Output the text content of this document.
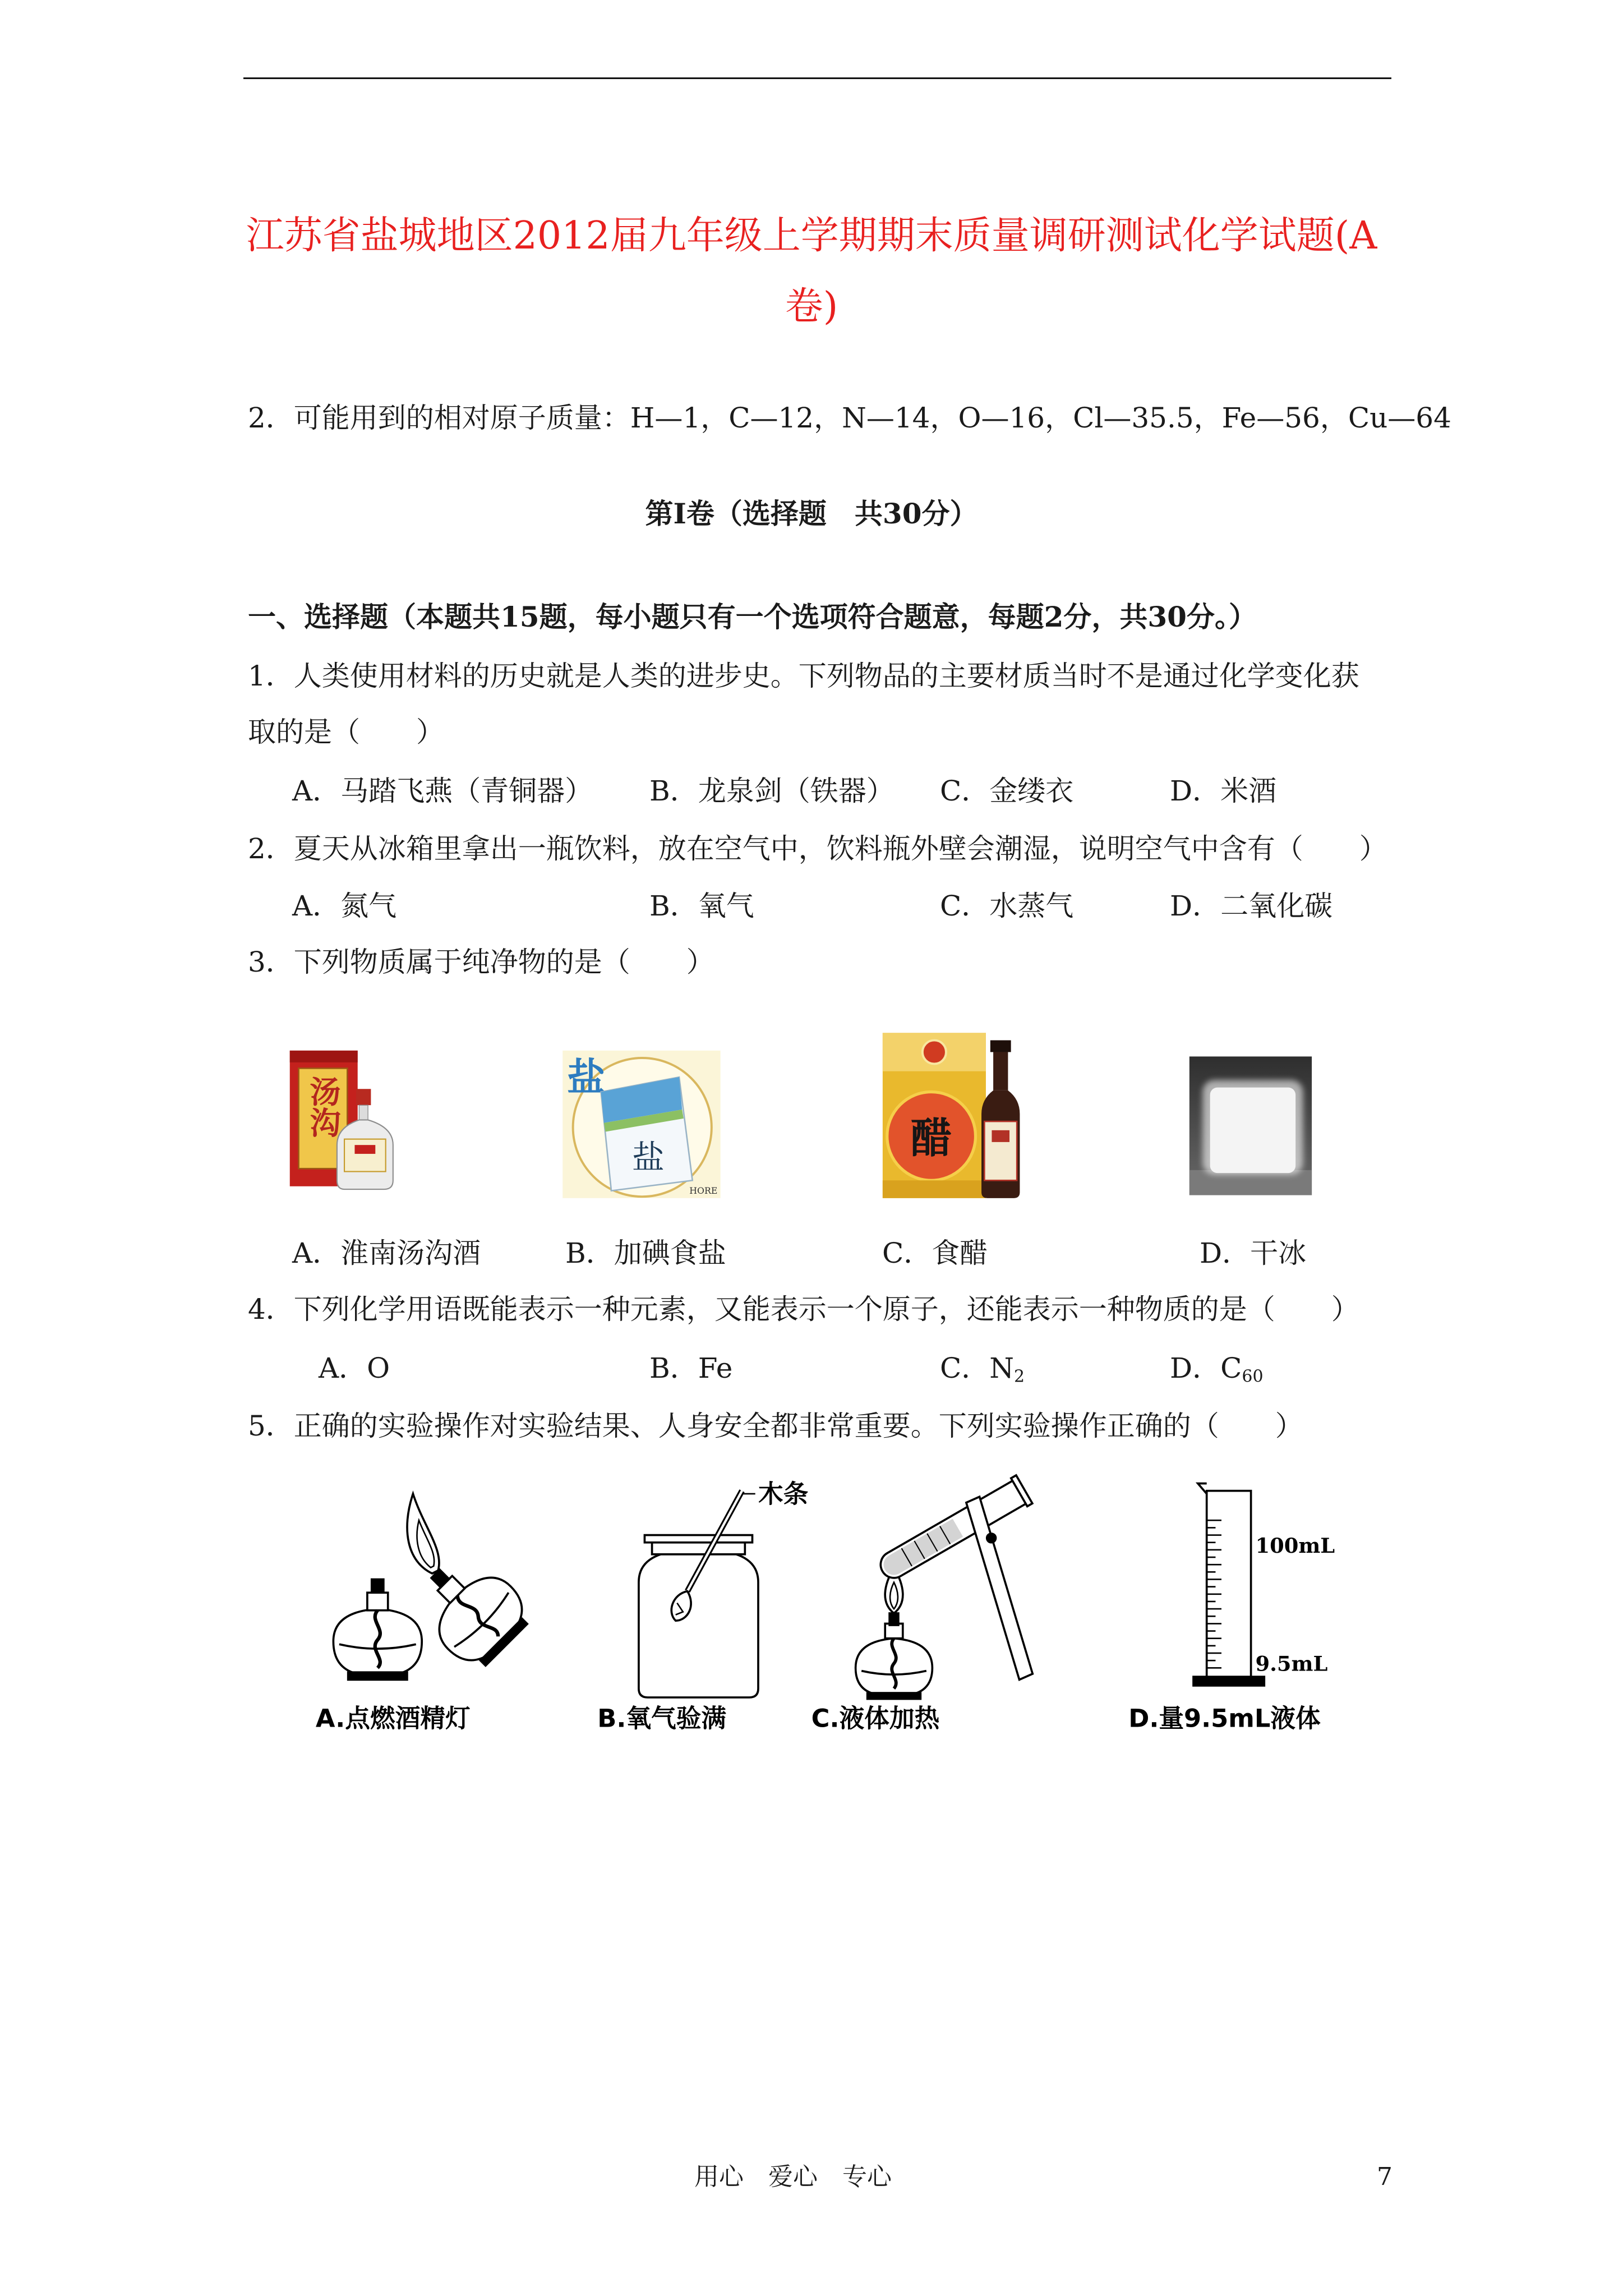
江苏省盐城地区2012届九年级上学期期末质量调研测试化学试题(A
卷)
2．可能用到的相对原子质量：H—1，C—12，N—14，O—16，Cl—35.5，Fe—56，Cu—64
第Ⅰ卷（选择题　共30分）
一、选择题（本题共15题，每小题只有一个选项符合题意，每题2分，共30分。）
1．人类使用材料的历史就是人类的进步史。下列物品的主要材质当时不是通过化学变化获
取的是（　　）
A．马踏飞燕（青铜器） B．龙泉剑（铁器） C．金缕衣	D．米酒
2．夏天从冰箱里拿出一瓶饮料，放在空气中，饮料瓶外壁会潮湿，说明空气中含有（　　）
A．氮气	B．氧气	C．水蒸气	D．二氧化碳
3．下列物质属于纯净物的是（　　）
汤沟	盐
盐
HORE
醋
A．淮南汤沟酒	B．加碘食盐	C．食醋	D．干冰
4．下列化学用语既能表示一种元素，又能表示一个原子，还能表示一种物质的是（　　）
A．O	B．Fe	C．$N_2$	D．$C_{60}$
5．正确的实验操作对实验结果、人身安全都非常重要。下列实验操作正确的（　　）
木条
100mL
9.5mL
A.点燃酒精灯	B.氧气验满	C.液体加热	D.量9.5mL液体
用心　爱心　专心	7
